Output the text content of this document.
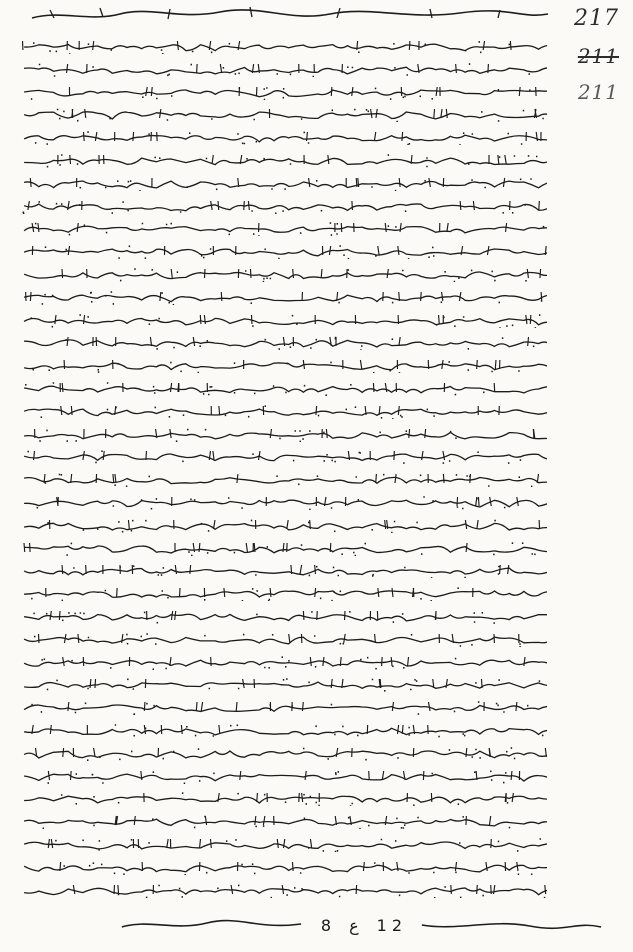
217
211
211
8 ع 1 2
